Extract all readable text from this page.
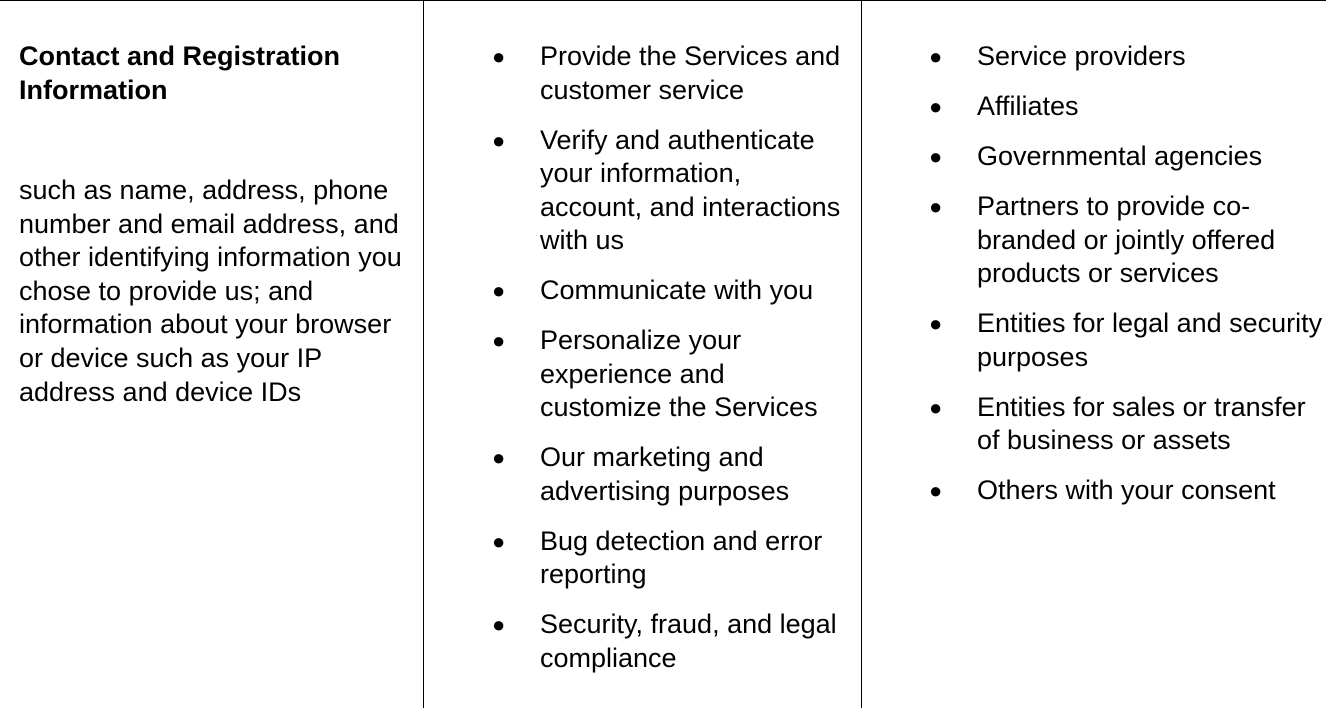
Contact and Registration Information
such as name, address, phone number and email address, and other identifying information you chose to provide us; and information about your browser or device such as your IP address and device IDs
● Provide the Services and customer service
● Verify and authenticate your information, account, and interactions with us
● Communicate with you
● Personalize your experience and customize the Services
● Our marketing and advertising purposes
● Bug detection and error reporting
● Security, fraud, and legal compliance
● Service providers
● Affiliates
● Governmental agencies
● Partners to provide co-branded or jointly offered products or services
● Entities for legal and security purposes
● Entities for sales or transfer of business or assets
● Others with your consent
